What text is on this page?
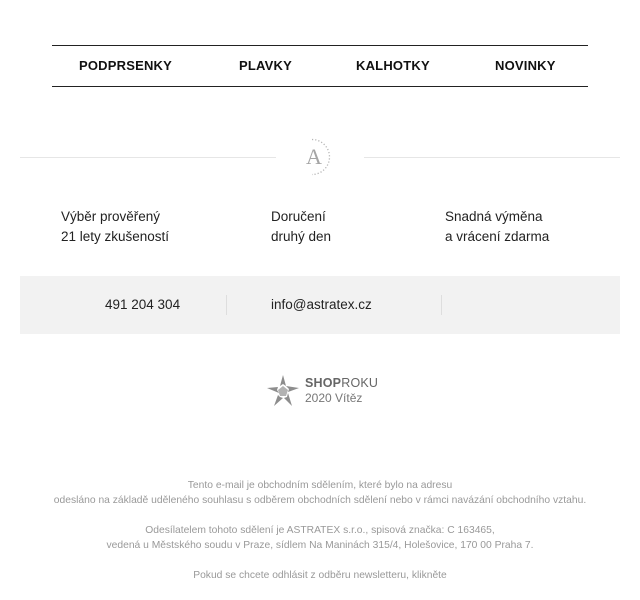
PODPRSENKY	PLAVKY	KALHOTKY	NOVINKY
A
Výběr prověřený
21 lety zkušeností
Doručení
druhý den
Snadná výměna
a vrácení zdarma
491 204 304	info@astratex.cz
SHOPROKU
2020 Vítěz
Tento e-mail je obchodním sdělením, které bylo na adresu
odesláno na základě uděleného souhlasu s odběrem obchodních sdělení nebo v rámci navázání obchodního vztahu.
Odesílatelem tohoto sdělení je ASTRATEX s.r.o., spisová značka: C 163465,
vedená u Městského soudu v Praze, sídlem Na Maninách 315/4, Holešovice, 170 00 Praha 7.
Pokud se chcete odhlásit z odběru newsletteru, klikněte
